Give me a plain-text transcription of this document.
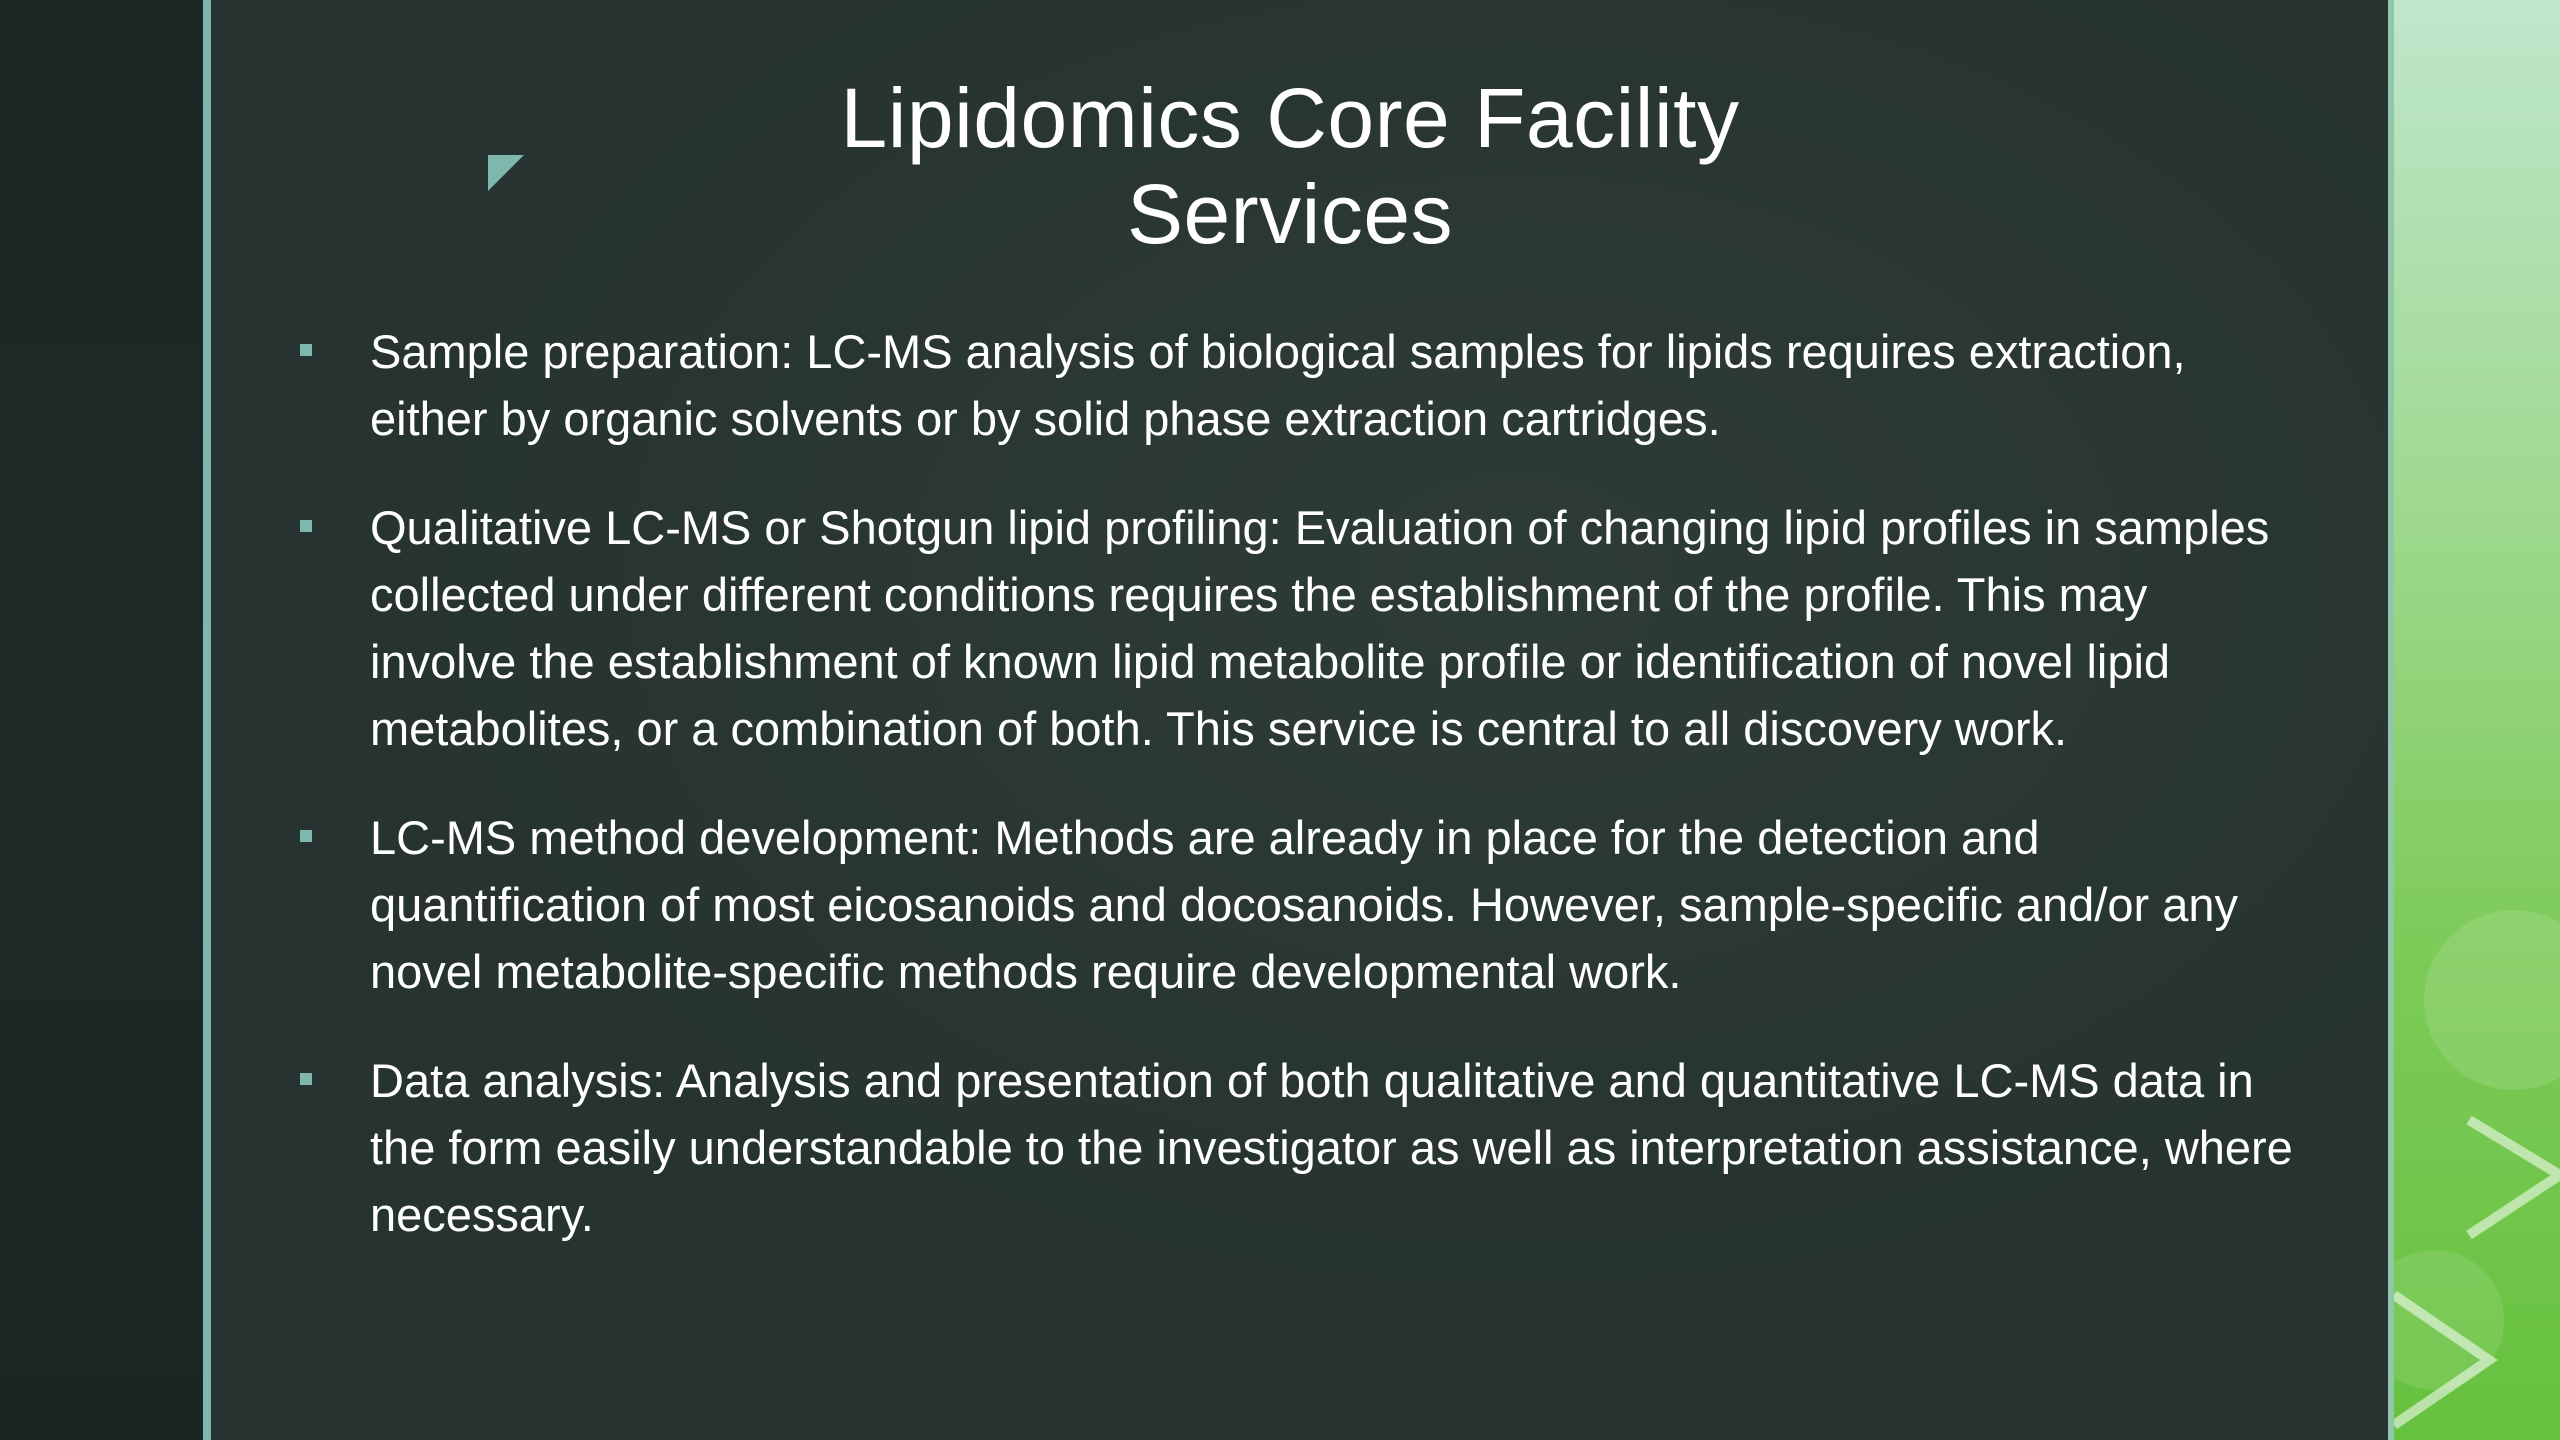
Lipidomics Core Facility
Services
Sample preparation: LC-MS analysis of biological samples for lipids requires extraction, either by organic solvents or by solid phase extraction cartridges.
Qualitative LC-MS or Shotgun lipid profiling: Evaluation of changing lipid profiles in samples collected under different conditions requires the establishment of the profile. This may involve the establishment of known lipid metabolite profile or identification of novel lipid metabolites, or a combination of both. This service is central to all discovery work.
LC-MS method development: Methods are already in place for the detection and quantification of most eicosanoids and docosanoids. However, sample-specific and/or any novel metabolite-specific methods require developmental work.
Data analysis: Analysis and presentation of both qualitative and quantitative LC-MS data in the form easily understandable to the investigator as well as interpretation assistance, where necessary.
